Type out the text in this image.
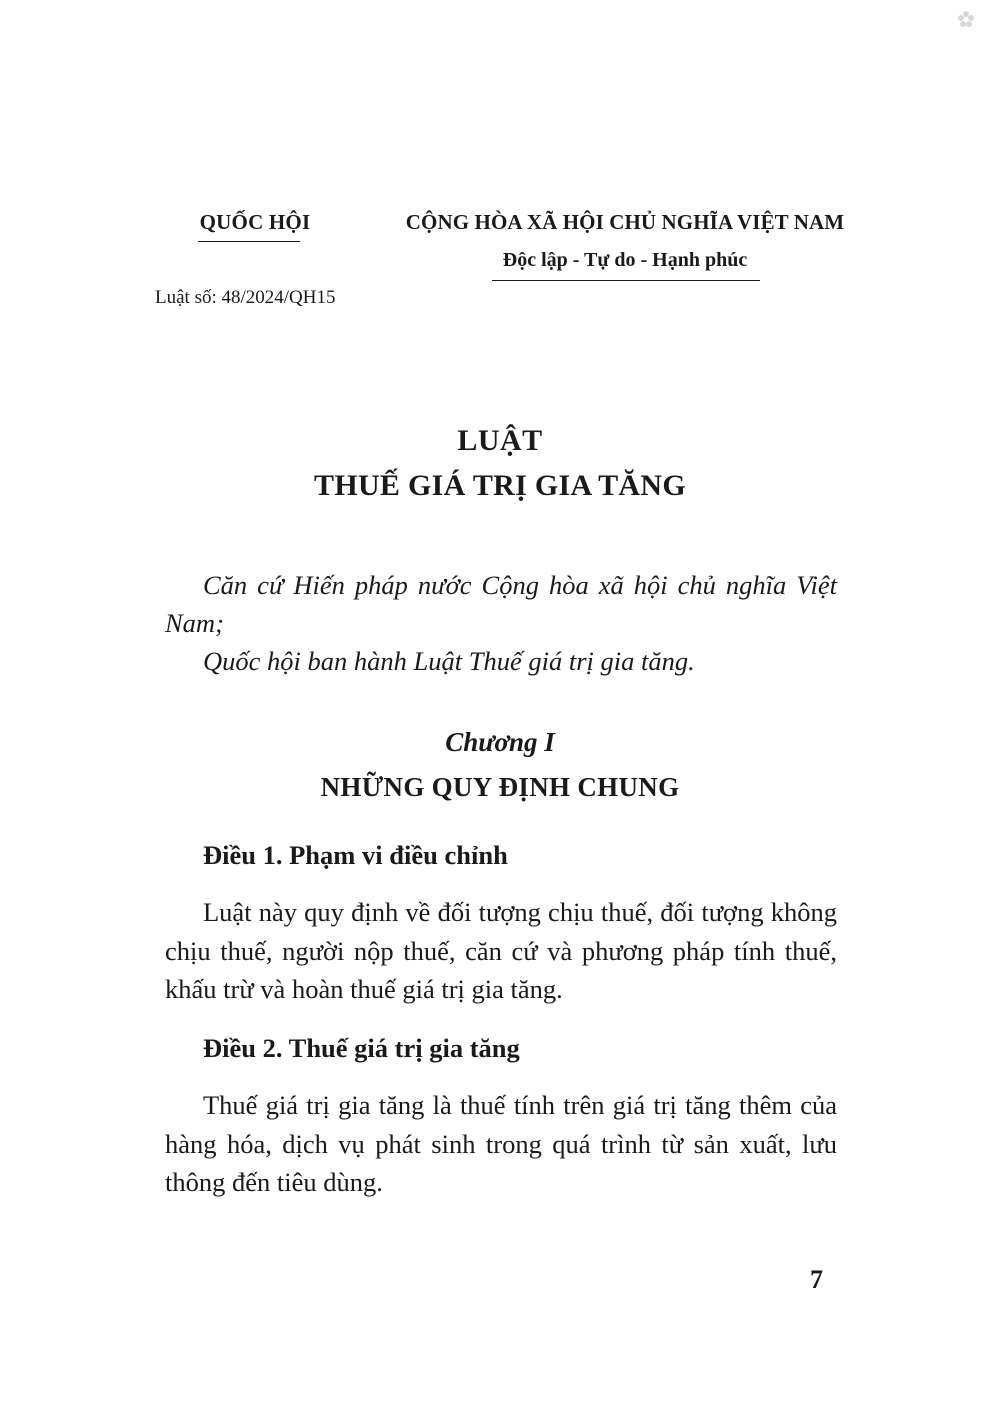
QUỐC HỘI
Luật số: 48/2024/QH15
CỘNG HÒA XÃ HỘI CHỦ NGHĨA VIỆT NAM
Độc lập - Tự do - Hạnh phúc
LUẬT
THUẾ GIÁ TRỊ GIA TĂNG

Căn cứ Hiến pháp nước Cộng hòa xã hội chủ nghĩa Việt Nam;

Quốc hội ban hành Luật Thuế giá trị gia tăng.

Chương I
NHỮNG QUY ĐỊNH CHUNG
Điều 1. Phạm vi điều chỉnh
Luật này quy định về đối tượng chịu thuế, đối tượng không chịu thuế, người nộp thuế, căn cứ và phương pháp tính thuế, khấu trừ và hoàn thuế giá trị gia tăng.
Điều 2. Thuế giá trị gia tăng
Thuế giá trị gia tăng là thuế tính trên giá trị tăng thêm của hàng hóa, dịch vụ phát sinh trong quá trình từ sản xuất, lưu thông đến tiêu dùng.
7
